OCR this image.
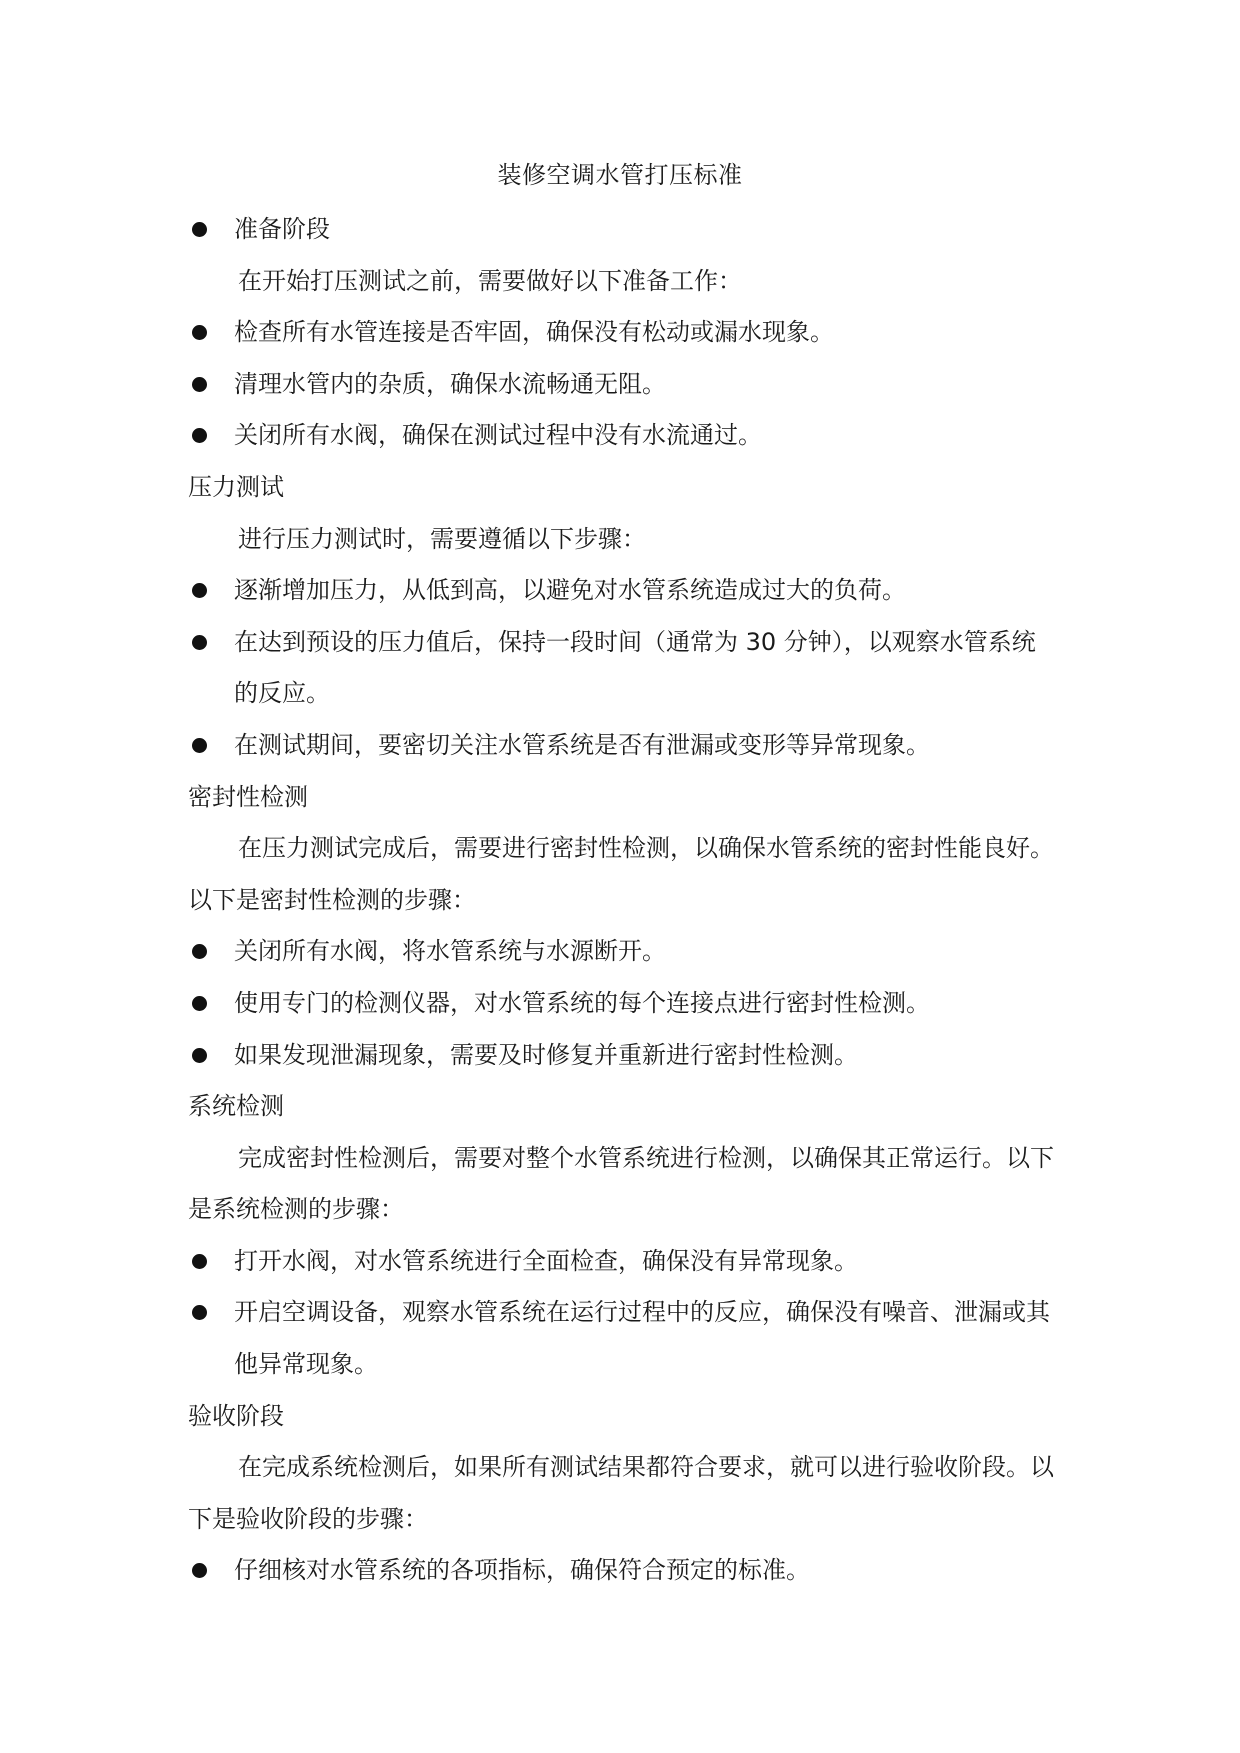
装修空调水管打压标准
准备阶段
在开始打压测试之前，需要做好以下准备工作：
检查所有水管连接是否牢固，确保没有松动或漏水现象。
清理水管内的杂质，确保水流畅通无阻。
关闭所有水阀，确保在测试过程中没有水流通过。
压力测试
进行压力测试时，需要遵循以下步骤：
逐渐增加压力，从低到高，以避免对水管系统造成过大的负荷。
在达到预设的压力值后，保持一段时间（通常为 30 分钟），以观察水管系统的反应。
在测试期间，要密切关注水管系统是否有泄漏或变形等异常现象。
密封性检测
在压力测试完成后，需要进行密封性检测，以确保水管系统的密封性能良好。以下是密封性检测的步骤：
关闭所有水阀，将水管系统与水源断开。
使用专门的检测仪器，对水管系统的每个连接点进行密封性检测。
如果发现泄漏现象，需要及时修复并重新进行密封性检测。
系统检测
完成密封性检测后，需要对整个水管系统进行检测，以确保其正常运行。以下是系统检测的步骤：
打开水阀，对水管系统进行全面检查，确保没有异常现象。
开启空调设备，观察水管系统在运行过程中的反应，确保没有噪音、泄漏或其他异常现象。
验收阶段
在完成系统检测后，如果所有测试结果都符合要求，就可以进行验收阶段。以下是验收阶段的步骤：
仔细核对水管系统的各项指标，确保符合预定的标准。
